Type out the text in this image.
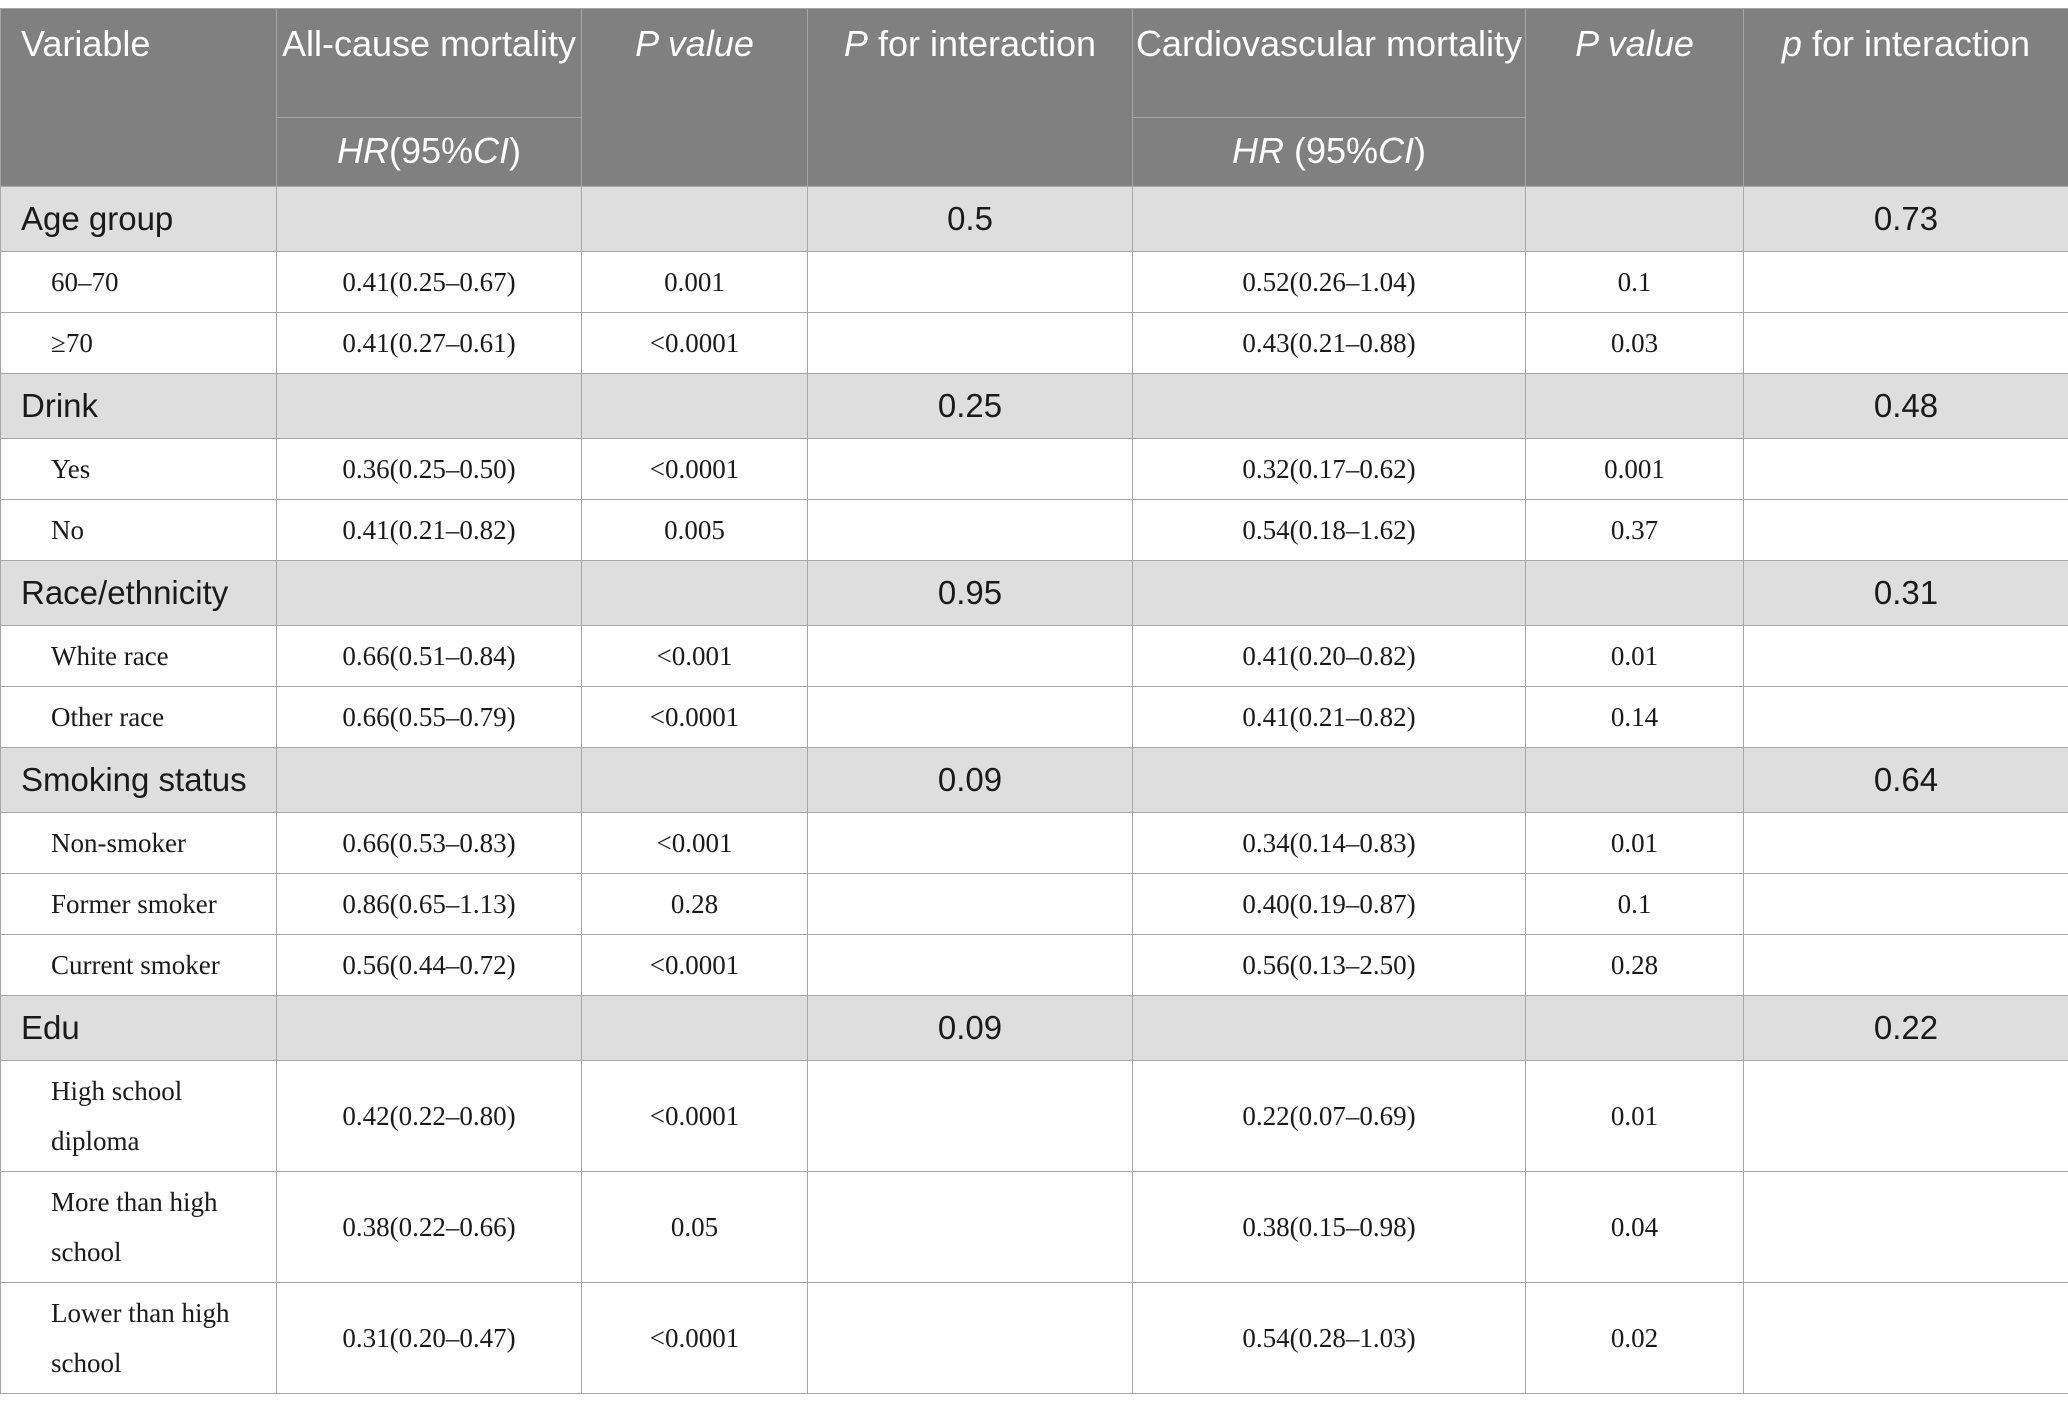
Variable	All-cause mortality	P value	P for interaction	Cardiovascular mortality	P value	p for interaction
	HR(95%CI)			HR (95%CI)		
Age group			0.5			0.73
60–70	0.41(0.25–0.67)	0.001		0.52(0.26–1.04)	0.1	
≥70	0.41(0.27–0.61)	<0.0001		0.43(0.21–0.88)	0.03	
Drink			0.25			0.48
Yes	0.36(0.25–0.50)	<0.0001		0.32(0.17–0.62)	0.001	
No	0.41(0.21–0.82)	0.005		0.54(0.18–1.62)	0.37	
Race/ethnicity			0.95			0.31
White race	0.66(0.51–0.84)	<0.001		0.41(0.20–0.82)	0.01	
Other race	0.66(0.55–0.79)	<0.0001		0.41(0.21–0.82)	0.14	
Smoking status			0.09			0.64
Non-smoker	0.66(0.53–0.83)	<0.001		0.34(0.14–0.83)	0.01	
Former smoker	0.86(0.65–1.13)	0.28		0.40(0.19–0.87)	0.1	
Current smoker	0.56(0.44–0.72)	<0.0001		0.56(0.13–2.50)	0.28	
Edu			0.09			0.22
High school diploma	0.42(0.22–0.80)	<0.0001		0.22(0.07–0.69)	0.01	
More than high school	0.38(0.22–0.66)	0.05		0.38(0.15–0.98)	0.04	
Lower than high school	0.31(0.20–0.47)	<0.0001		0.54(0.28–1.03)	0.02	
